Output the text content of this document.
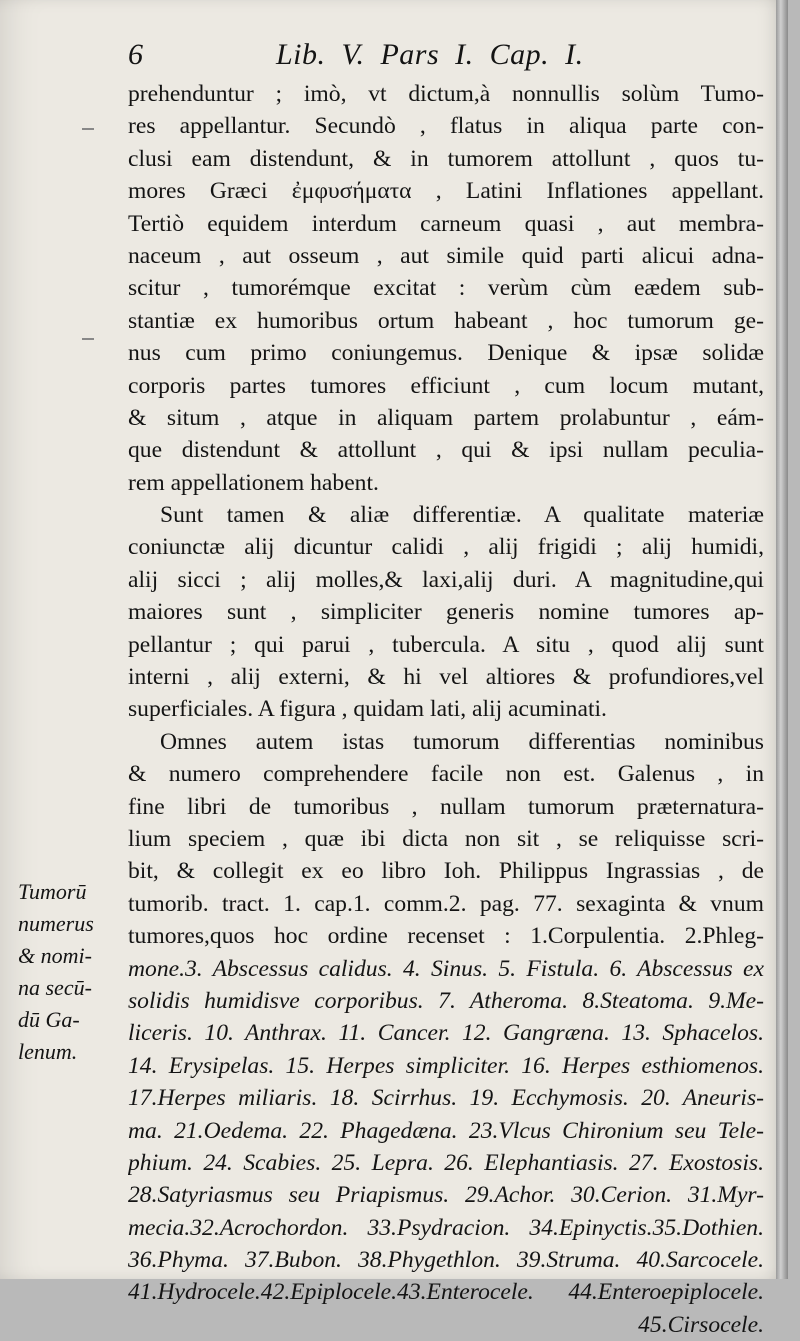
6	Lib. V. Pars I. Cap. I.
Tumorū
numerus
& nomi-
na secū-
dū Ga-
lenum.
prehenduntur ; imò, vt dictum,à nonnullis solùm Tumo-
res appellantur. Secundò , flatus in aliqua parte con-
clusi eam distendunt, & in tumorem attollunt , quos tu-
mores Græci ἐμφυσήματα , Latini Inflationes appellant.
Tertiò equidem interdum carneum quasi , aut membra-
naceum , aut osseum , aut simile quid parti alicui adna-
scitur , tumorémque excitat : verùm cùm eædem sub-
stantiæ ex humoribus ortum habeant , hoc tumorum ge-
nus cum primo coniungemus. Denique & ipsæ solidæ
corporis partes tumores efficiunt , cum locum mutant,
& situm , atque in aliquam partem prolabuntur , eám-
que distendunt & attollunt , qui & ipsi nullam peculia-
rem appellationem habent.
Sunt tamen & aliæ differentiæ. A qualitate materiæ
coniunctæ alij dicuntur calidi , alij frigidi ; alij humidi,
alij sicci ; alij molles,& laxi,alij duri. A magnitudine,qui
maiores sunt , simpliciter generis nomine tumores ap-
pellantur ; qui parui , tubercula. A situ , quod alij sunt
interni , alij externi, & hi vel altiores & profundiores,vel
superficiales. A figura , quidam lati, alij acuminati.
Omnes autem istas tumorum differentias nominibus
& numero comprehendere facile non est. Galenus , in
fine libri de tumoribus , nullam tumorum præternatura-
lium speciem , quæ ibi dicta non sit , se reliquisse scri-
bit, & collegit ex eo libro Ioh. Philippus Ingrassias , de
tumorib. tract. 1. cap.1. comm.2. pag. 77. sexaginta & vnum
tumores,quos hoc ordine recenset : 1.Corpulentia. 2.Phleg-
mone.3. Abscessus calidus. 4. Sinus. 5. Fistula. 6. Abscessus ex
solidis humidisve corporibus. 7. Atheroma. 8.Steatoma. 9.Me-
liceris. 10. Anthrax. 11. Cancer. 12. Gangræna. 13. Sphacelos.
14. Erysipelas. 15. Herpes simpliciter. 16. Herpes esthiomenos.
17.Herpes miliaris. 18. Scirrhus. 19. Ecchymosis. 20. Aneuris-
ma. 21.Oedema. 22. Phagedæna. 23.Vlcus Chironium seu Tele-
phium. 24. Scabies. 25. Lepra. 26. Elephantiasis. 27. Exostosis.
28.Satyriasmus seu Priapismus. 29.Achor. 30.Cerion. 31.Myr-
mecia.32.Acrochordon. 33.Psydracion. 34.Epinyctis.35.Dothien.
36.Phyma. 37.Bubon. 38.Phygethlon. 39.Struma. 40.Sarcocele.
41.Hydrocele.42.Epiplocele.43.Enterocele. 44.Enteroepiplocele.
45.Cirsocele.
